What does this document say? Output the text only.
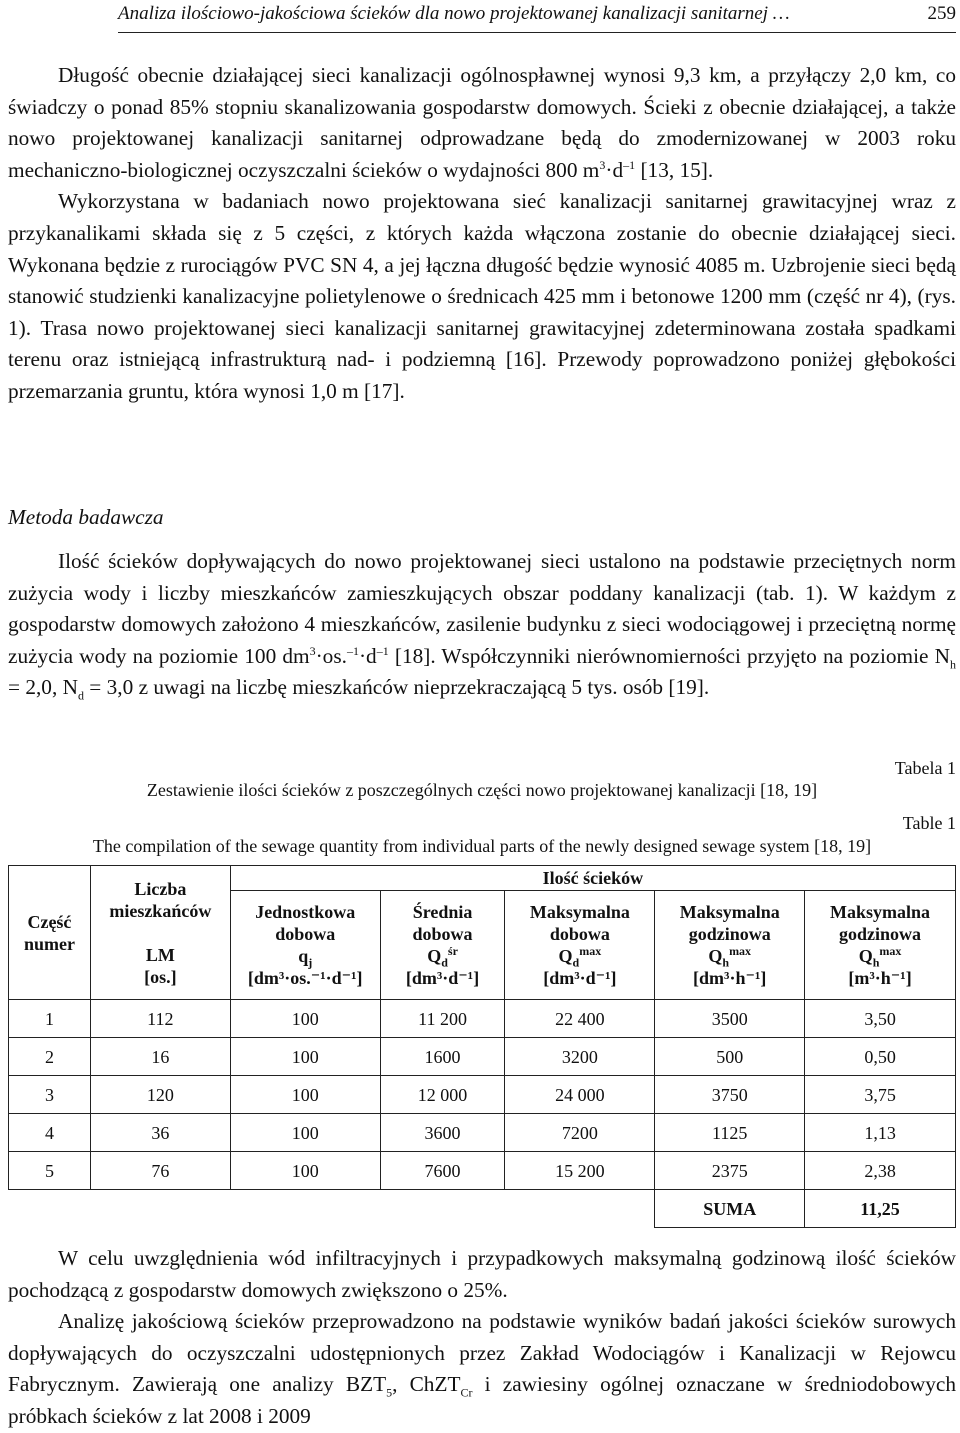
Analiza ilościowo-jakościowa ścieków dla nowo projektowanej kanalizacji sanitarnej …	259

Długość obecnie działającej sieci kanalizacji ogólnospławnej wynosi 9,3 km, a przyłączy 2,0 km, co świadczy o ponad 85% stopniu skanalizowania gospodarstw domowych. Ścieki z obecnie działającej, a także nowo projektowanej kanalizacji sanitarnej odprowadzane będą do zmodernizowanej w 2003 roku mechaniczno-biologicznej oczyszczalni ścieków o wydajności 800 $m^3\cdot d^{-1}$ [13, 15].

Wykorzystana w badaniach nowo projektowana sieć kanalizacji sanitarnej grawitacyjnej wraz z przykanalikami składa się z 5 części, z których każda włączona zostanie do obecnie działającej sieci. Wykonana będzie z rurociągów PVC SN 4, a jej łączna długość będzie wynosić 4085 m. Uzbrojenie sieci będą stanowić studzienki kanalizacyjne polietylenowe o średnicach 425 mm i betonowe 1200 mm (część nr 4), (rys. 1). Trasa nowo projektowanej sieci kanalizacji sanitarnej grawitacyjnej zdeterminowana została spadkami terenu oraz istniejącą infrastrukturą nad- i podziemną [16]. Przewody poprowadzono poniżej głębokości przemarzania gruntu, która wynosi 1,0 m [17].

Metoda badawcza

Ilość ścieków dopływających do nowo projektowanej sieci ustalono na podstawie przeciętnych norm zużycia wody i liczby mieszkańców zamieszkujących obszar poddany kanalizacji (tab. 1). W każdym z gospodarstw domowych założono 4 mieszkańców, zasilenie budynku z sieci wodociągowej i przeciętną normę zużycia wody na poziomie 100 $dm^3\cdot os.^{-1}\cdot d^{-1}$ [18]. Współczynniki nierównomierności przyjęto na poziomie $N_h = 2,0$, $N_d = 3,0$ z uwagi na liczbę mieszkańców nieprzekraczającą 5 tys. osób [19].

Tabela 1
Zestawienie ilości ścieków z poszczególnych części nowo projektowanej kanalizacji [18, 19]
Table 1
The compilation of the sewage quantity from individual parts of the newly designed sewage system [18, 19]
Część numer	Liczba mieszkańców

LM
[os.]	Ilość ścieków				
		Jednostkowa dobowa
$q_j$
[dm³·os.⁻¹·d⁻¹]	Średnia dobowa
$Q_d^{śr}$
[dm³·d⁻¹]	Maksymalna dobowa
$Q_d^{max}$
[dm³·d⁻¹]	Maksymalna godzinowa
$Q_h^{max}$
[dm³·h⁻¹]	Maksymalna godzinowa
$Q_h^{max}$
[m³·h⁻¹]
1	112	100	11 200	22 400	3500	3,50
2	16	100	1600	3200	500	0,50
3	120	100	12 000	24 000	3750	3,75
4	36	100	3600	7200	1125	1,13
5	76	100	7600	15 200	2375	2,38
					SUMA	11,25

W celu uwzględnienia wód infiltracyjnych i przypadkowych maksymalną godzinową ilość ścieków pochodzącą z gospodarstw domowych zwiększono o 25%.

Analizę jakościową ścieków przeprowadzono na podstawie wyników badań jakości ścieków surowych dopływających do oczyszczalni udostępnionych przez Zakład Wodociągów i Kanalizacji w Rejowcu Fabrycznym. Zawierają one analizy $BZT_5$, ChZT$_{Cr}$ i zawiesiny ogólnej oznaczane w średniodobowych próbkach ścieków z lat 2008 i 2009
